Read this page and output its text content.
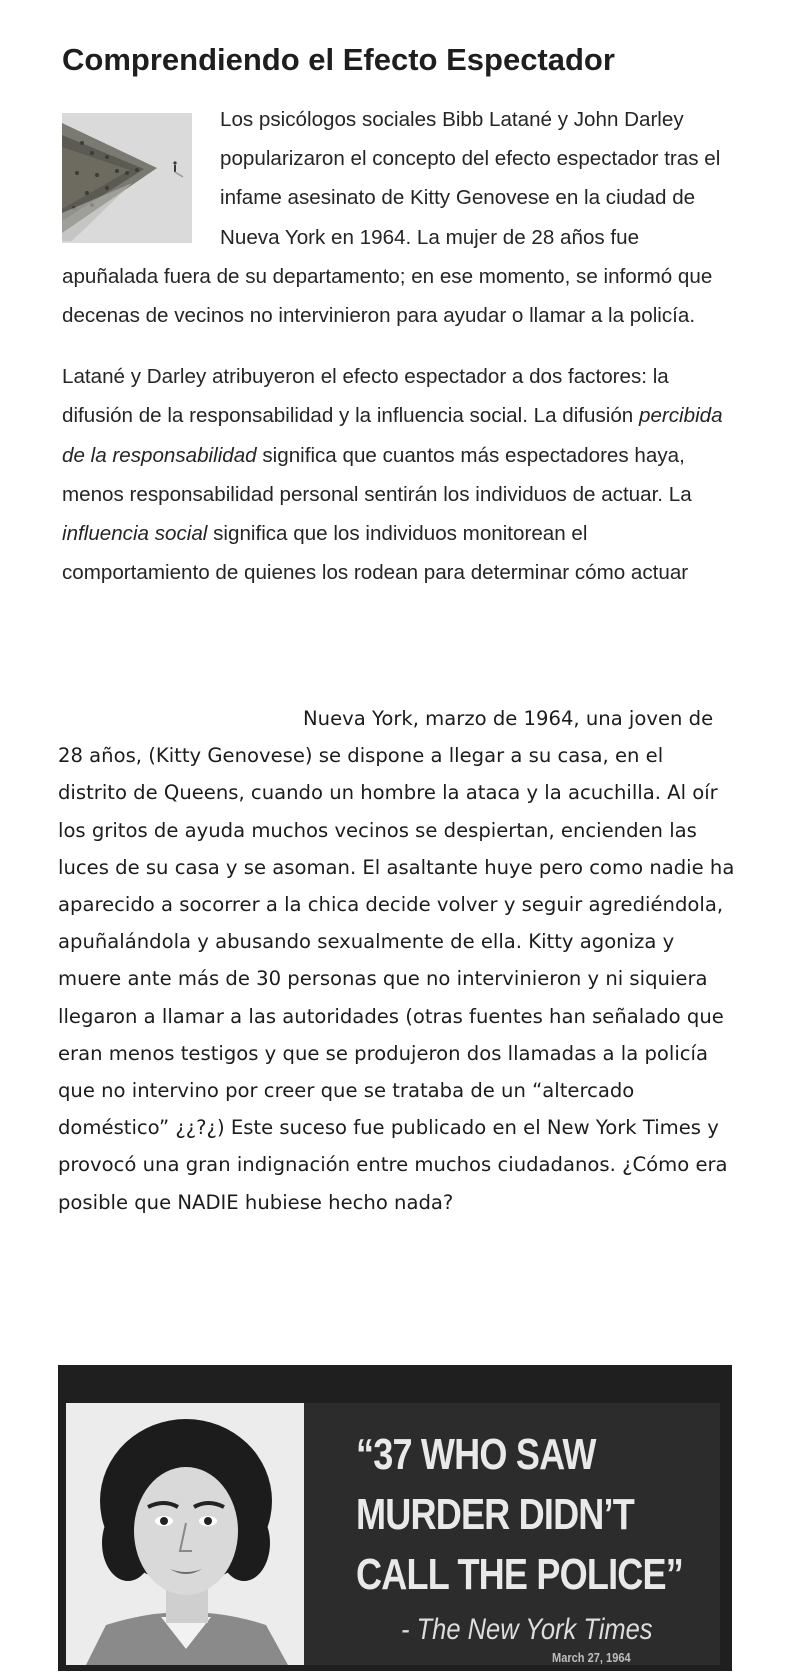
Comprendiendo el Efecto Espectador

Los psicólogos sociales Bibb Latané y John Darley popularizaron el concepto del efecto espectador tras el infame asesinato de Kitty Genovese en la ciudad de Nueva York en 1964. La mujer de 28 años fue apuñalada fuera de su departamento; en ese momento, se informó que decenas de vecinos no intervinieron para ayudar o llamar a la policía.

Latané y Darley atribuyeron el efecto espectador a dos factores: la difusión de la responsabilidad y la influencia social. La difusión percibida de la responsabilidad significa que cuantos más espectadores haya, menos responsabilidad personal sentirán los individuos de actuar. La influencia social significa que los individuos monitorean el comportamiento de quienes los rodean para determinar cómo actuar

Nueva York, marzo de 1964, una joven de 28 años, (Kitty Genovese) se dispone a llegar a su casa, en el distrito de Queens, cuando un hombre la ataca y la acuchilla. Al oír los gritos de ayuda muchos vecinos se despiertan, encienden las luces de su casa y se asoman. El asaltante huye pero como nadie ha aparecido a socorrer a la chica decide volver y seguir agrediéndola, apuñalándola y abusando sexualmente de ella. Kitty agoniza y muere ante más de 30 personas que no intervinieron y ni siquiera llegaron a llamar a las autoridades (otras fuentes han señalado que eran menos testigos y que se produjeron dos llamadas a la policía que no intervino por creer que se trataba de un “altercado doméstico” ¿¿?¿) Este suceso fue publicado en el New York Times y provocó una gran indignación entre muchos ciudadanos. ¿Cómo era posible que NADIE hubiese hecho nada?

“37 WHO SAW
MURDER DIDN’T
CALL THE POLICE”
- The New York Times
March 27, 1964
